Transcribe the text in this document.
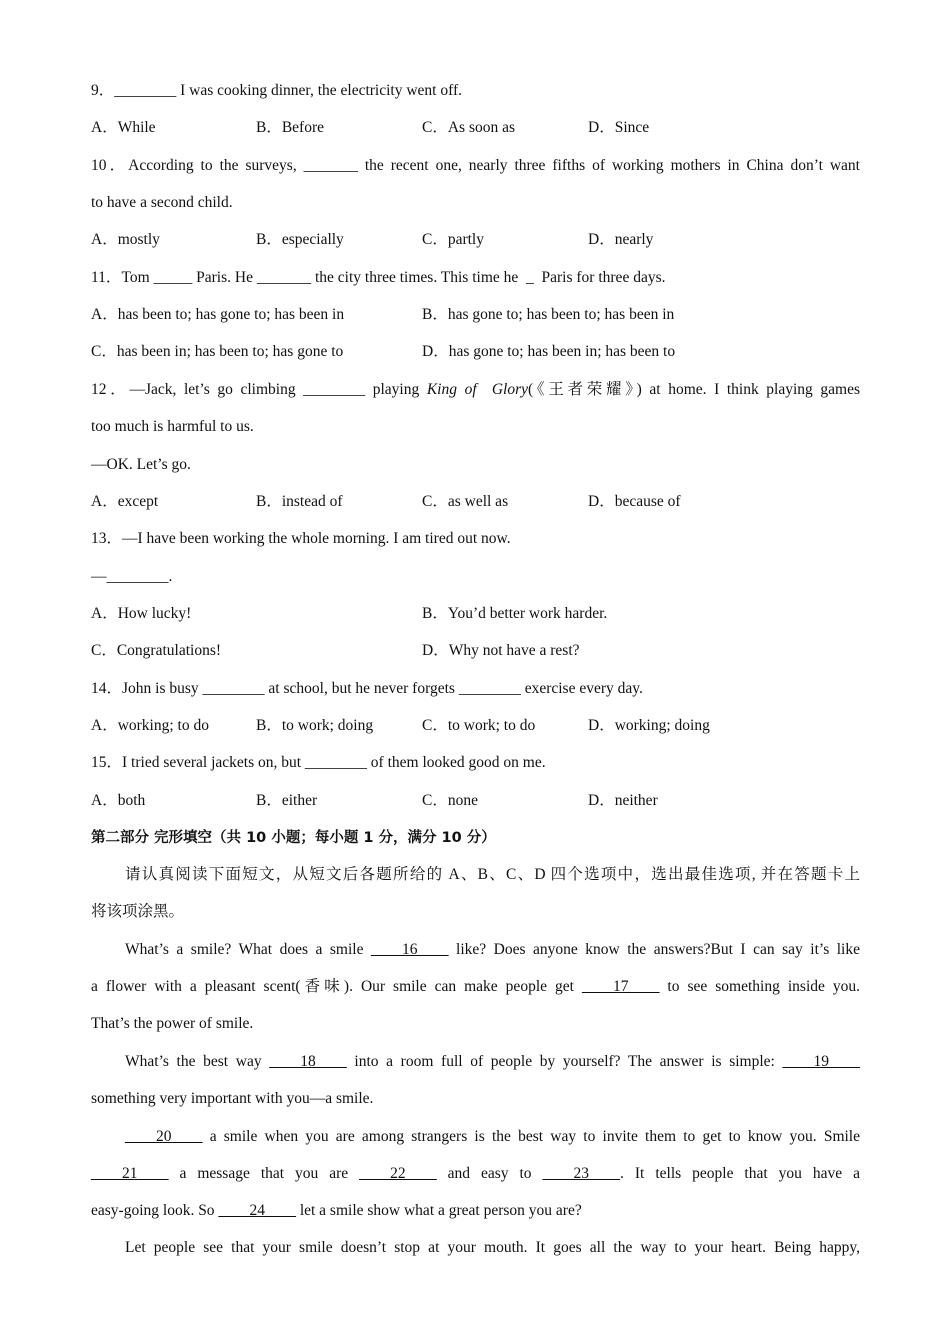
9．________ I was cooking dinner, the electricity went off.
A．While	B．Before	C．As soon as	D．Since
10．According to the surveys, _______ the recent one, nearly three fifths of working mothers in China don’t want
to have a second child.
A．mostly	B．especially	C．partly	D．nearly
11．Tom _____ Paris. He _______ the city three times. This time he  _  Paris for three days.
A．has been to; has gone to; has been in	B．has gone to; has been to; has been in
C．has been in; has been to; has gone to	D．has gone to; has been in; has been to
12．—Jack, let’s go climbing ________ playing King of  Glory(《王者荣耀》) at home. I think playing games
too much is harmful to us.
—OK. Let’s go.
A．except	B．instead of	C．as well as	D．because of
13．—I have been working the whole morning. I am tired out now.
—________.
A．How lucky!	B．You’d better work harder.
C．Congratulations!	D．Why not have a rest?
14．John is busy ________ at school, but he never forgets ________ exercise every day.
A．working; to do	B．to work; doing	C．to work; to do	D．working; doing
15．I tried several jackets on, but ________ of them looked good on me.
A．both	B．either	C．none	D．neither
第二部分 完形填空（共 10 小题；每小题 1 分，满分 10 分）
请认真阅读下面短文，从短文后各题所给的 A、B、C、D 四个选项中，选出最佳选项, 并在答题卡上
将该项涂黑。
What’s a smile? What does a smile ____16____ like? Does anyone know the answers?But I can say it’s like
a flower with a pleasant scent(香味). Our smile can make people get ____17____ to see something inside you.
That’s the power of smile.
What’s the best way ____18____ into a room full of people by yourself? The answer is simple: ____19____
something very important with you—a smile.
____20____ a smile when you are among strangers is the best way to invite them to get to know you. Smile
____21____ a message that you are ____22____ and easy to ____23____. It tells people that you have a
easy-going look. So ____24____ let a smile show what a great person you are?
Let people see that your smile doesn’t stop at your mouth. It goes all the way to your heart. Being happy,
